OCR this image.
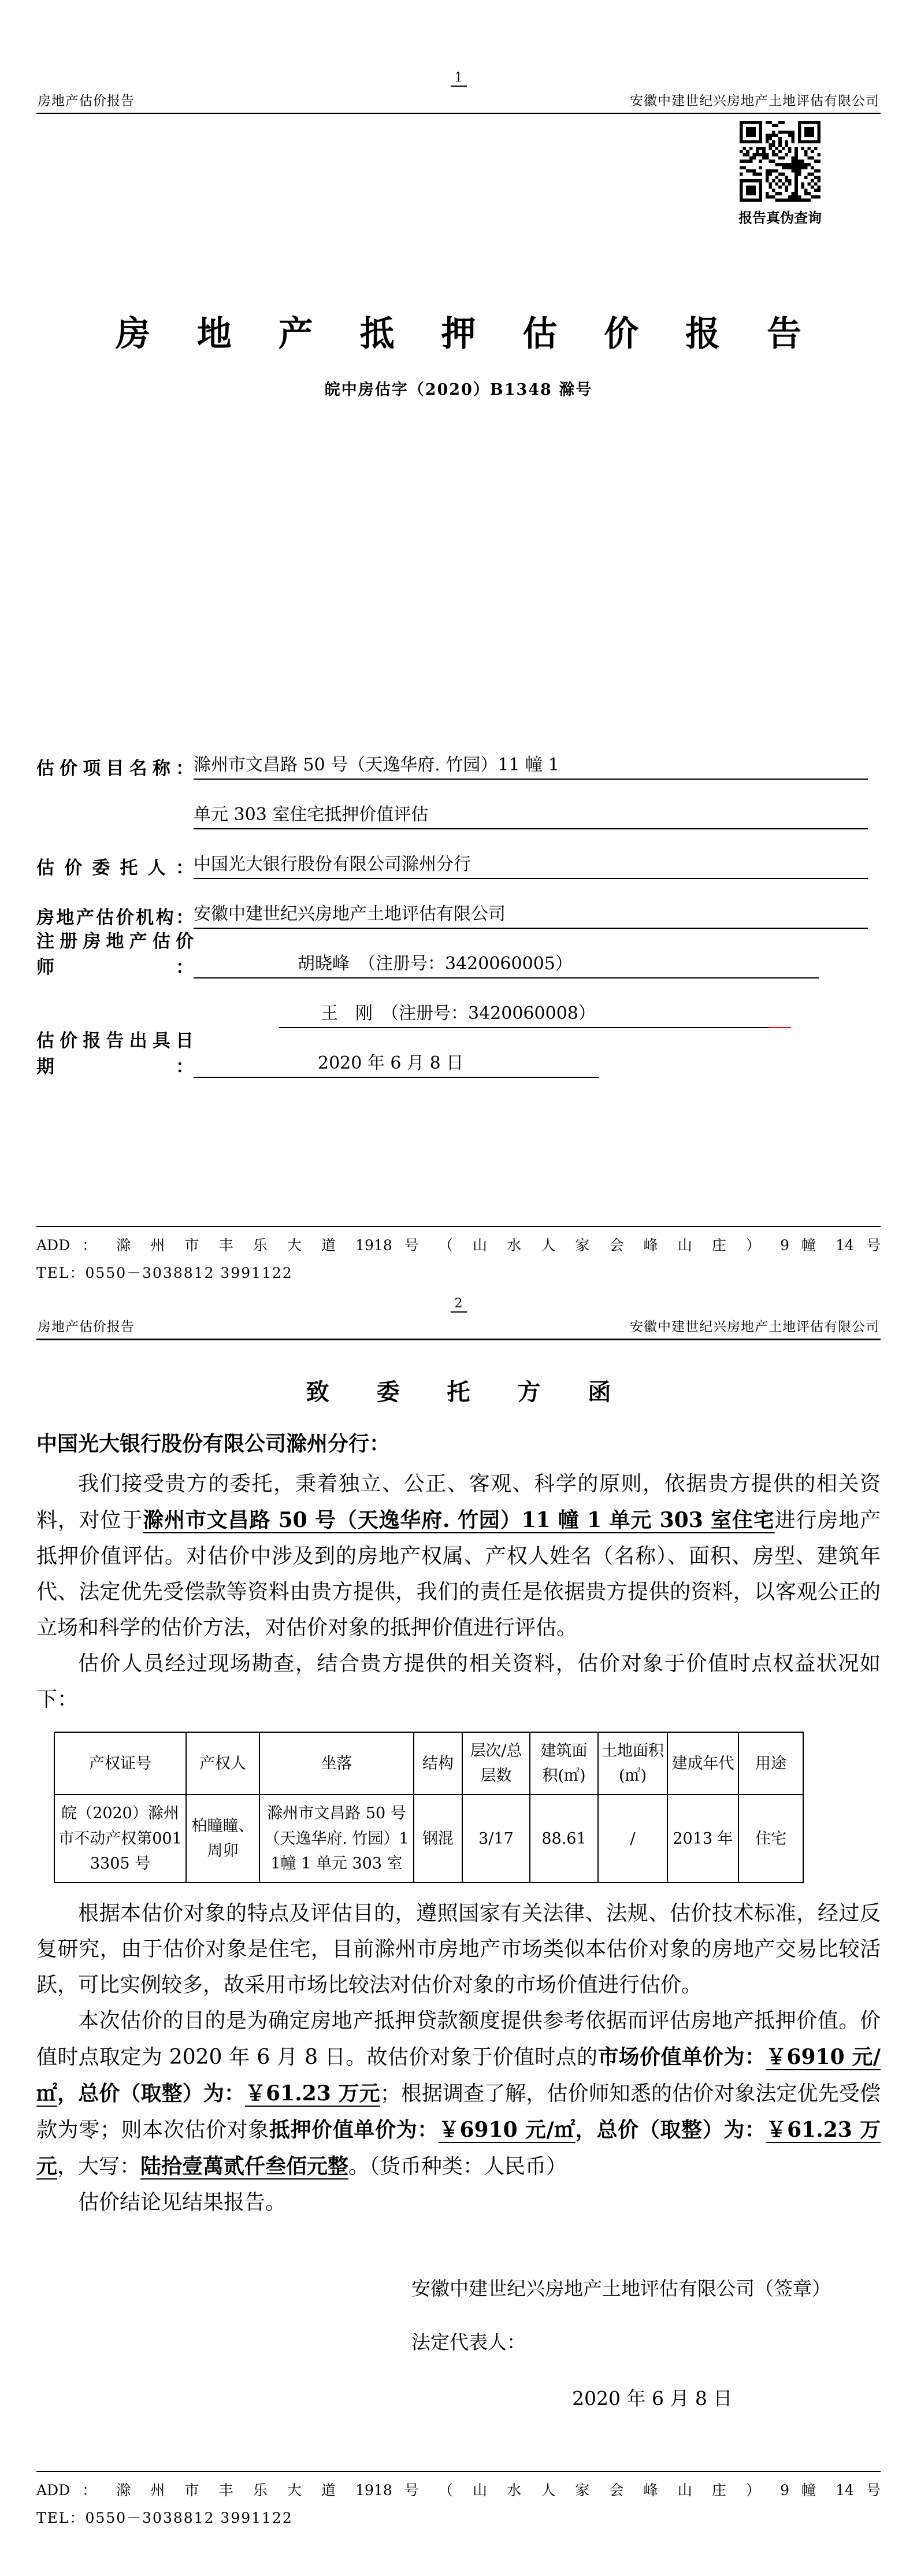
房地产估价报告
1
安徽中建世纪兴房地产土地评估有限公司
报告真伪查询
房 地 产 抵 押 估 价 报 告
皖中房估字（2020）B1348 滁号
估价项目名称： 滁州市文昌路 50 号（天逸华府. 竹园）11 幢 1
单元 303 室住宅抵押价值评估
估价委托人： 中国光大银行股份有限公司滁州分行
房地产估价机构： 安徽中建世纪兴房地产土地评估有限公司
注册房地产估价师：	胡晓峰　（注册号：3420060005）
王　刚　（注册号：3420060008）
估价报告出具日期：	2020 年 6 月 8 日
ADD ： 滁 州 市 丰 乐 大 道 1918 号 （ 山 水 人 家 会 峰 山 庄 ） 9 幢 14 号
TEL：0550－3038812 3991122
房地产估价报告
2
安徽中建世纪兴房地产土地评估有限公司
致 委 托 方 函
中国光大银行股份有限公司滁州分行：

我们接受贵方的委托，秉着独立、公正、客观、科学的原则，依据贵方提供的相关资料，对位于滁州市文昌路 50 号（天逸华府. 竹园）11 幢 1 单元 303 室住宅进行房地产抵押价值评估。对估价中涉及到的房地产权属、产权人姓名（名称）、面积、房型、建筑年代、法定优先受偿款等资料由贵方提供，我们的责任是依据贵方提供的资料，以客观公正的立场和科学的估价方法，对估价对象的抵押价值进行评估。

估价人员经过现场勘查，结合贵方提供的相关资料，估价对象于价值时点权益状况如下：

产权证号	产权人	坐落	结构	层次/总层数	建筑面积(㎡)	土地面积(㎡)	建成年代	用途
皖（2020）滁州市不动产权第0013305 号	柏瞳瞳、周卯	滁州市文昌路 50 号（天逸华府. 竹园）11幢 1 单元 303 室	钢混	3/17	88.61	/	2013 年	住宅

根据本估价对象的特点及评估目的，遵照国家有关法律、法规、估价技术标准，经过反复研究，由于估价对象是住宅，目前滁州市房地产市场类似本估价对象的房地产交易比较活跃，可比实例较多，故采用市场比较法对估价对象的市场价值进行估价。

本次估价的目的是为确定房地产抵押贷款额度提供参考依据而评估房地产抵押价值。价值时点取定为 2020 年 6 月 8 日。故估价对象于价值时点的市场价值单价为：￥6910 元/㎡，总价（取整）为：￥61.23 万元；根据调查了解，估价师知悉的估价对象法定优先受偿款为零；则本次估价对象抵押价值单价为：￥6910 元/㎡，总价（取整）为：￥61.23 万元，大写：陆拾壹萬贰仟叁佰元整。（货币种类：人民币）

估价结论见结果报告。

安徽中建世纪兴房地产土地评估有限公司（签章）
法定代表人：
2020 年 6 月 8 日
ADD ： 滁 州 市 丰 乐 大 道 1918 号 （ 山 水 人 家 会 峰 山 庄 ） 9 幢 14 号
TEL：0550－3038812 3991122
